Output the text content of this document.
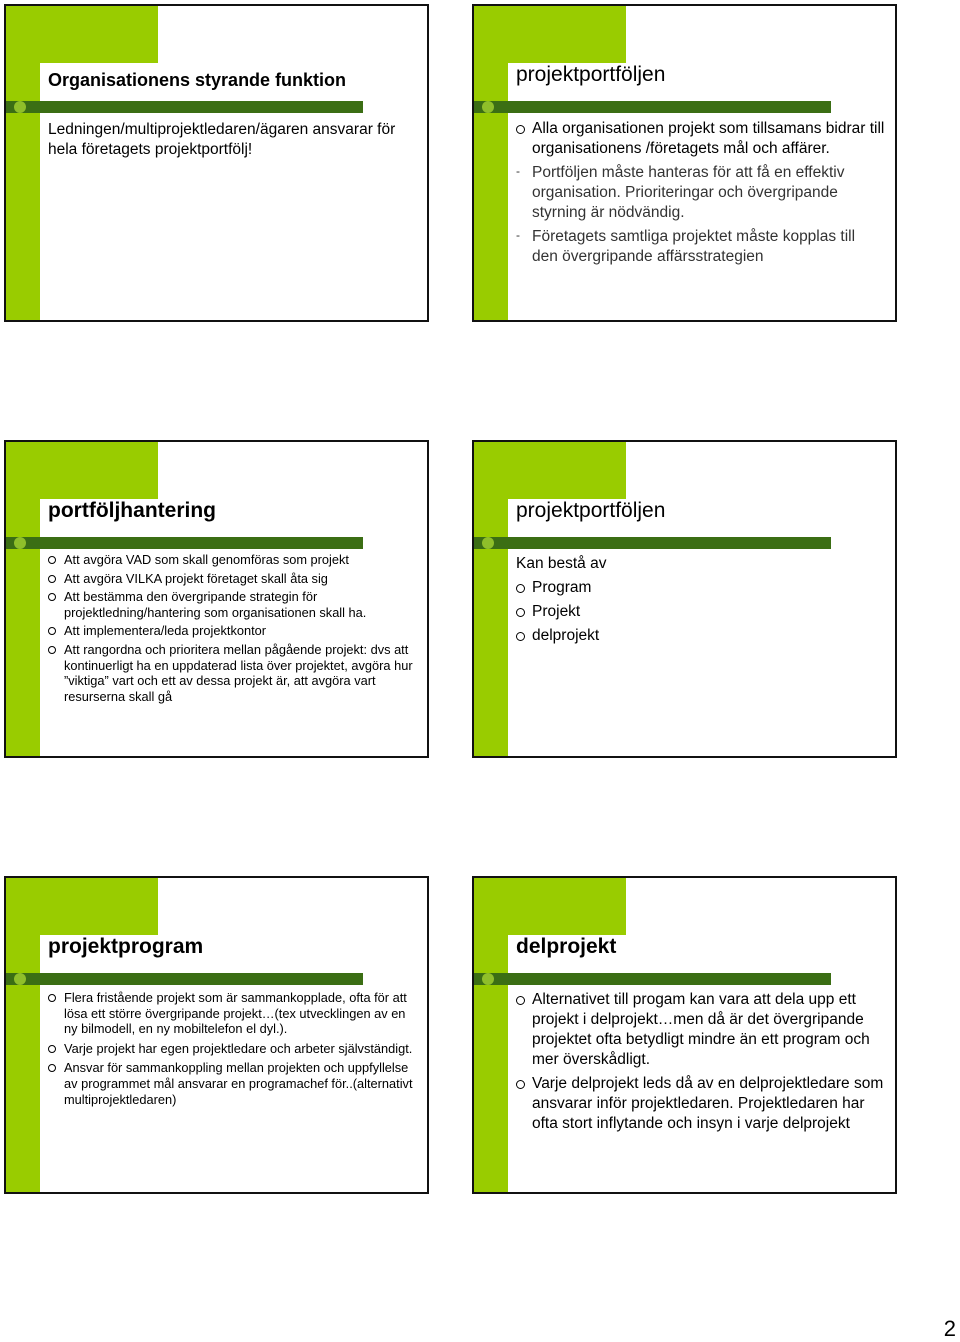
Organisationens styrande funktion
Ledningen/multiprojektledaren/ägaren ansvarar för hela företagets projektportfölj!
projektportföljen
Alla organisationen projekt som tillsamans bidrar till organisationens /företagets mål och affärer.
- Portföljen måste hanteras för att få en effektiv organisation. Prioriteringar och övergripande styrning är nödvändig.
- Företagets samtliga projektet måste kopplas till den övergripande affärsstrategien
portföljhantering
Att avgöra VAD som skall genomföras som projekt
Att avgöra VILKA projekt företaget skall åta sig
Att bestämma den övergripande strategin för projektledning/hantering som organisationen skall ha.
Att implementera/leda projektkontor
Att rangordna och prioritera mellan pågående projekt: dvs att kontinuerligt ha en uppdaterad lista över projektet, avgöra hur ”viktiga” vart och ett av dessa projekt är, att avgöra vart resurserna skall gå
projektportföljen
Kan bestå av
Program
Projekt
delprojekt
projektprogram
Flera fristående projekt som är sammankopplade, ofta för att lösa ett större övergripande projekt…(tex utvecklingen av en ny bilmodell, en ny mobiltelefon el dyl.).
Varje projekt har egen projektledare och arbeter självständigt.
Ansvar för sammankoppling mellan projekten och uppfyllelse av programmet mål ansvarar en programachef för..(alternativt multiprojektledaren)
delprojekt
Alternativet till progam kan vara att dela upp ett projekt i delprojekt…men då är det övergripande projektet ofta betydligt mindre än ett program och mer överskådligt.
Varje delprojekt leds då av en delprojektledare som ansvarar inför projektledaren. Projektledaren har ofta stort inflytande och insyn i varje delprojekt
2
